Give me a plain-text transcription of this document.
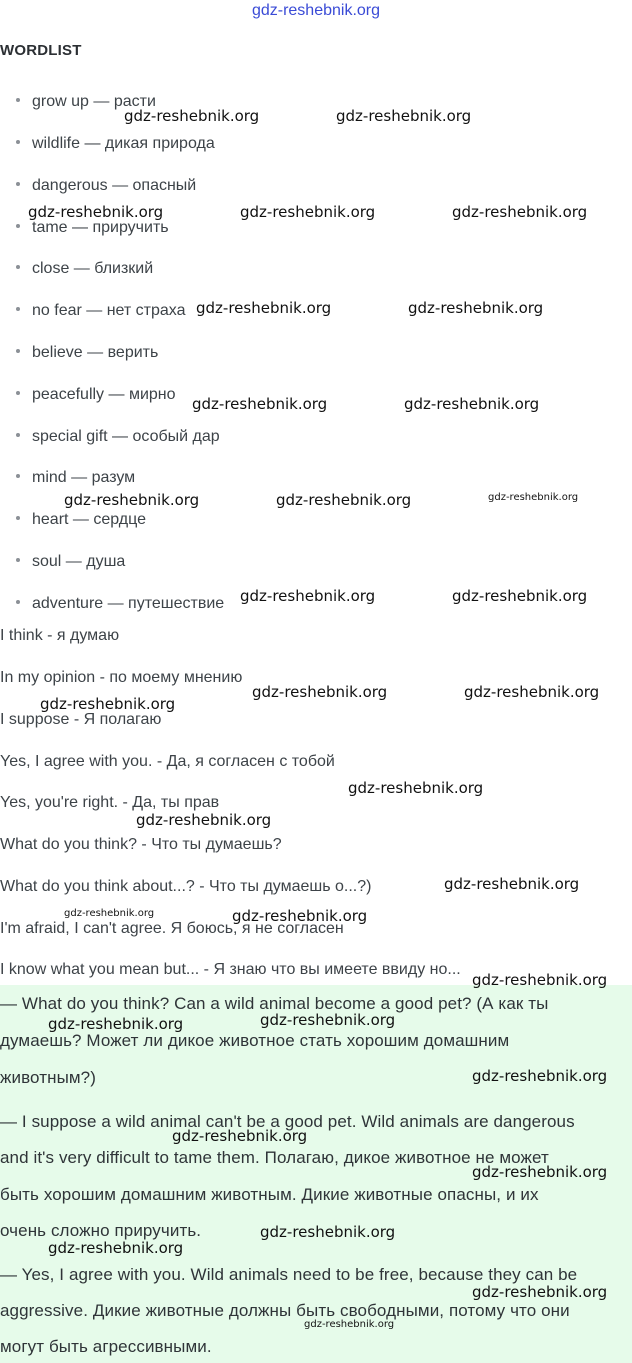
gdz-reshebnik.org
WORDLIST
grow up — расти
wildlife — дикая природа
dangerous — опасный
tame — приручить
close — близкий
no fear — нет страха
believe — верить
peacefully — мирно
special gift — особый дар
mind — разум
heart — сердце
soul — душа
adventure — путешествие
I think - я думаю
In my opinion - по моему мнению
I suppose - Я полагаю
Yes, I agree with you. - Да, я согласен с тобой
Yes, you're right. - Да, ты прав
What do you think? - Что ты думаешь?
What do you think about...? - Что ты думаешь о...?)
I'm afraid, I can't agree. Я боюсь, я не согласен
I know what you mean but... - Я знаю что вы имеете ввиду но...
— What do you think? Can a wild animal become a good pet? (А как ты
думаешь? Может ли дикое животное стать хорошим домашним
животным?)
— I suppose a wild animal can't be a good pet. Wild animals are dangerous
and it's very difficult to tame them. Полагаю, дикое животное не может
быть хорошим домашним животным. Дикие животные опасны, и их
очень сложно приручить.
— Yes, I agree with you. Wild animals need to be free, because they can be
aggressive. Дикие животные должны быть свободными, потому что они
могут быть агрессивными.
gdz-reshebnik.org	gdz-reshebnik.org
gdz-reshebnik.org	gdz-reshebnik.org	gdz-reshebnik.org
gdz-reshebnik.org	gdz-reshebnik.org
gdz-reshebnik.org	gdz-reshebnik.org
gdz-reshebnik.org	gdz-reshebnik.org	gdz-reshebnik.org
gdz-reshebnik.org	gdz-reshebnik.org
gdz-reshebnik.org	gdz-reshebnik.org
gdz-reshebnik.org
gdz-reshebnik.org
gdz-reshebnik.org
gdz-reshebnik.org
gdz-reshebnik.org	gdz-reshebnik.org
gdz-reshebnik.org
gdz-reshebnik.org	gdz-reshebnik.org
gdz-reshebnik.org
gdz-reshebnik.org
gdz-reshebnik.org
gdz-reshebnik.org
gdz-reshebnik.org
gdz-reshebnik.org
gdz-reshebnik.org
